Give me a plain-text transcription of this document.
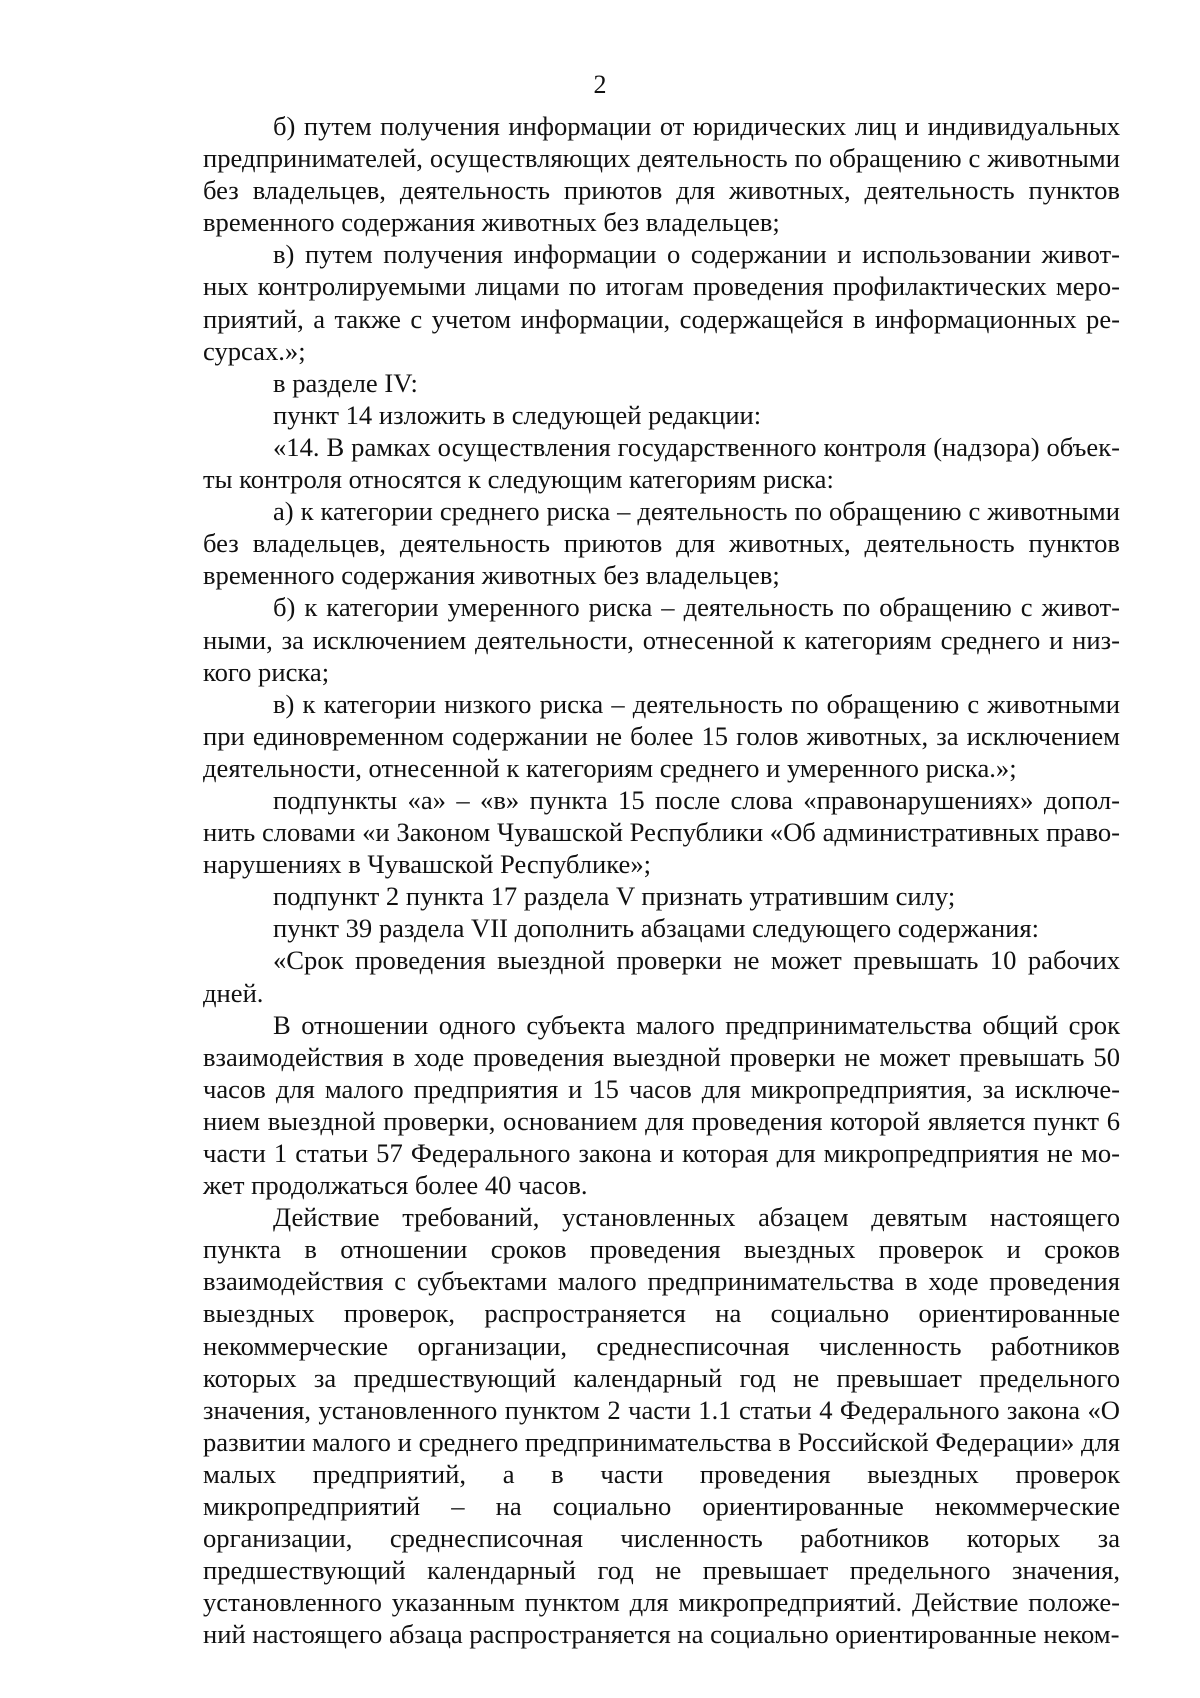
2

б) путем получения информации от юридических лиц и индивидуальных предпринимателей, осуществляющих деятельность по обращению с животными без владельцев, деятельность приютов для животных, деятельность пунктов временного содержания животных без владельцев;

в) путем получения информации о содержании и использовании животных контролируемыми лицами по итогам проведения профилактических мероприятий, а также с учетом информации, содержащейся в информационных ресурсах.»;

в разделе IV:

пункт 14 изложить в следующей редакции:

«14. В рамках осуществления государственного контроля (надзора) объекты контроля относятся к следующим категориям риска:

а) к категории среднего риска – деятельность по обращению с животными без владельцев, деятельность приютов для животных, деятельность пунктов временного содержания животных без владельцев;

б) к категории умеренного риска – деятельность по обращению с животными, за исключением деятельности, отнесенной к категориям среднего и низкого риска;

в) к категории низкого риска – деятельность по обращению с животными при единовременном содержании не более 15 голов животных, за исключением деятельности, отнесенной к категориям среднего и умеренного риска.»;

подпункты «а» – «в» пункта 15 после слова «правонарушениях» дополнить словами «и Законом Чувашской Республики «Об административных правонарушениях в Чувашской Республике»;

подпункт 2 пункта 17 раздела V признать утратившим силу;

пункт 39 раздела VII дополнить абзацами следующего содержания:

«Срок проведения выездной проверки не может превышать 10 рабочих дней.

В отношении одного субъекта малого предпринимательства общий срок взаимодействия в ходе проведения выездной проверки не может превышать 50 часов для малого предприятия и 15 часов для микропредприятия, за исключением выездной проверки, основанием для проведения которой является пункт 6 части 1 статьи 57 Федерального закона и которая для микропредприятия не может продолжаться более 40 часов.

Действие требований, установленных абзацем девятым настоящего пункта в отношении сроков проведения выездных проверок и сроков взаимодействия с субъектами малого предпринимательства в ходе проведения выездных проверок, распространяется на социально ориентированные некоммерческие организации, среднесписочная численность работников которых за предшествующий календарный год не превышает предельного значения, установленного пунктом 2 части 1.1 статьи 4 Федерального закона «О развитии малого и среднего предпринимательства в Российской Федерации» для малых предприятий, а в части проведения выездных проверок микропредприятий – на социально ориентированные некоммерческие организации, среднесписочная численность работников которых за предшествующий календарный год не превышает предельного значения, установленного указанным пунктом для микропредприятий. Действие положений настоящего абзаца распространяется на социально ориентированные неком-
